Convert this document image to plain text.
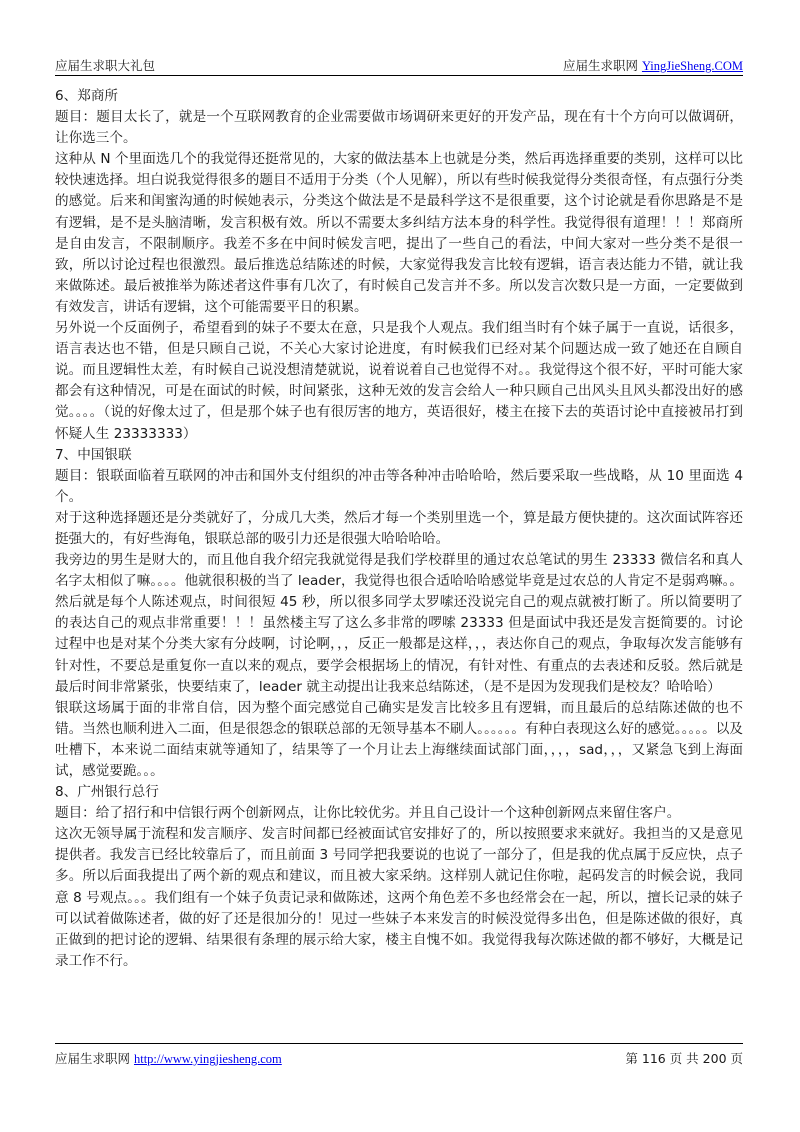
应届生求职大礼包	应届生求职网 YingJieSheng.COM

6、郑商所

题目：题目太长了，就是一个互联网教育的企业需要做市场调研来更好的开发产品，现在有十个方向可以做调研，让你选三个。

这种从 N 个里面选几个的我觉得还挺常见的，大家的做法基本上也就是分类，然后再选择重要的类别，这样可以比较快速选择。坦白说我觉得很多的题目不适用于分类（个人见解），所以有些时候我觉得分类很奇怪，有点强行分类的感觉。后来和闺蜜沟通的时候她表示，分类这个做法是不是最科学这不是很重要，这个讨论就是看你思路是不是有逻辑，是不是头脑清晰，发言积极有效。所以不需要太多纠结方法本身的科学性。我觉得很有道理！！！郑商所是自由发言，不限制顺序。我差不多在中间时候发言吧，提出了一些自己的看法，中间大家对一些分类不是很一致，所以讨论过程也很激烈。最后推选总结陈述的时候，大家觉得我发言比较有逻辑，语言表达能力不错，就让我来做陈述。最后被推举为陈述者这件事有几次了，有时候自己发言并不多。所以发言次数只是一方面，一定要做到有效发言，讲话有逻辑，这个可能需要平日的积累。

另外说一个反面例子，希望看到的妹子不要太在意，只是我个人观点。我们组当时有个妹子属于一直说，话很多，语言表达也不错，但是只顾自己说，不关心大家讨论进度，有时候我们已经对某个问题达成一致了她还在自顾自说。而且逻辑性太差，有时候自己说没想清楚就说，说着说着自己也觉得不对。。我觉得这个很不好，平时可能大家都会有这种情况，可是在面试的时候，时间紧张，这种无效的发言会给人一种只顾自己出风头且风头都没出好的感觉。。。。（说的好像太过了，但是那个妹子也有很厉害的地方，英语很好，楼主在接下去的英语讨论中直接被吊打到怀疑人生 23333333）

7、中国银联

题目：银联面临着互联网的冲击和国外支付组织的冲击等各种冲击哈哈哈，然后要采取一些战略，从 10 里面选 4 个。

对于这种选择题还是分类就好了，分成几大类，然后才每一个类别里选一个，算是最方便快捷的。这次面试阵容还挺强大的，有好些海龟，银联总部的吸引力还是很强大哈哈哈哈。

我旁边的男生是财大的，而且他自我介绍完我就觉得是我们学校群里的通过农总笔试的男生 23333 微信名和真人名字太相似了嘛。。。。他就很积极的当了 leader，我觉得也很合适哈哈哈感觉毕竟是过农总的人肯定不是弱鸡嘛。。然后就是每个人陈述观点，时间很短 45 秒，所以很多同学太罗嗦还没说完自己的观点就被打断了。所以简要明了的表达自己的观点非常重要！！！虽然楼主写了这么多非常的啰嗦 23333 但是面试中我还是发言挺简要的。讨论过程中也是对某个分类大家有分歧啊，讨论啊，，，反正一般都是这样，，，表达你自己的观点，争取每次发言能够有针对性，不要总是重复你一直以来的观点，要学会根据场上的情况，有针对性、有重点的去表述和反驳。然后就是最后时间非常紧张，快要结束了，leader 就主动提出让我来总结陈述，（是不是因为发现我们是校友？哈哈哈）

银联这场属于面的非常自信，因为整个面完感觉自己确实是发言比较多且有逻辑，而且最后的总结陈述做的也不错。当然也顺利进入二面，但是很怨念的银联总部的无领导基本不刷人。。。。。。有种白表现这么好的感觉。。。。。以及吐槽下，本来说二面结束就等通知了，结果等了一个月让去上海继续面试部门面，，，，sad，，，又紧急飞到上海面试，感觉要跪。。。

8、广州银行总行

题目：给了招行和中信银行两个创新网点，让你比较优劣。并且自己设计一个这种创新网点来留住客户。

这次无领导属于流程和发言顺序、发言时间都已经被面试官安排好了的，所以按照要求来就好。我担当的又是意见提供者。我发言已经比较靠后了，而且前面 3 号同学把我要说的也说了一部分了，但是我的优点属于反应快，点子多。所以后面我提出了两个新的观点和建议，而且被大家采纳。这样别人就记住你啦，起码发言的时候会说，我同意 8 号观点。。。我们组有一个妹子负责记录和做陈述，这两个角色差不多也经常会在一起，所以，擅长记录的妹子可以试着做陈述者，做的好了还是很加分的！见过一些妹子本来发言的时候没觉得多出色，但是陈述做的很好，真正做到的把讨论的逻辑、结果很有条理的展示给大家，楼主自愧不如。我觉得我每次陈述做的都不够好，大概是记录工作不行。

应届生求职网 http://www.yingjiesheng.com	第 116 页 共 200 页
